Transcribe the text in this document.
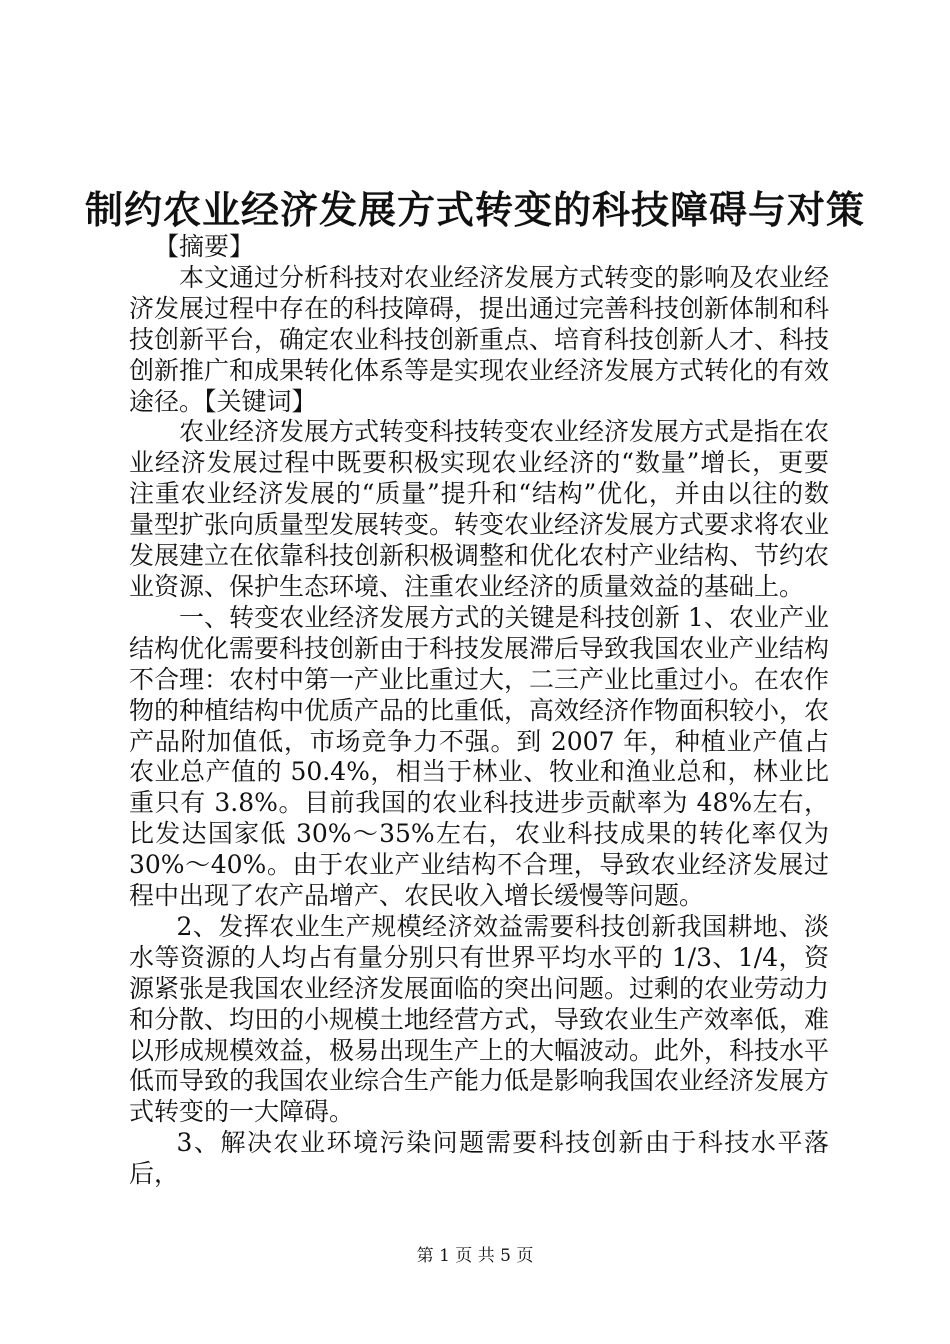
制约农业经济发展方式转变的科技障碍与对策

【摘要】

本文通过分析科技对农业经济发展方式转变的影响及农业经济发展过程中存在的科技障碍，提出通过完善科技创新体制和科技创新平台，确定农业科技创新重点、培育科技创新人才、科技创新推广和成果转化体系等是实现农业经济发展方式转化的有效途径。【关键词】

农业经济发展方式转变科技转变农业经济发展方式是指在农业经济发展过程中既要积极实现农业经济的“数量”增长，更要注重农业经济发展的“质量”提升和“结构”优化，并由以往的数量型扩张向质量型发展转变。转变农业经济发展方式要求将农业发展建立在依靠科技创新积极调整和优化农村产业结构、节约农业资源、保护生态环境、注重农业经济的质量效益的基础上。

一、转变农业经济发展方式的关键是科技创新 1、农业产业结构优化需要科技创新由于科技发展滞后导致我国农业产业结构不合理：农村中第一产业比重过大，二三产业比重过小。在农作物的种植结构中优质产品的比重低，高效经济作物面积较小，农产品附加值低，市场竞争力不强。到 2007 年，种植业产值占农业总产值的 50.4%，相当于林业、牧业和渔业总和，林业比重只有 3.8%。目前我国的农业科技进步贡献率为 48%左右，比发达国家低 30%～35%左右，农业科技成果的转化率仅为 30%～40%。由于农业产业结构不合理，导致农业经济发展过程中出现了农产品增产、农民收入增长缓慢等问题。

2、发挥农业生产规模经济效益需要科技创新我国耕地、淡水等资源的人均占有量分别只有世界平均水平的 1/3、1/4，资源紧张是我国农业经济发展面临的突出问题。过剩的农业劳动力和分散、均田的小规模土地经营方式，导致农业生产效率低，难以形成规模效益，极易出现生产上的大幅波动。此外，科技水平低而导致的我国农业综合生产能力低是影响我国农业经济发展方式转变的一大障碍。

3、解决农业环境污染问题需要科技创新由于科技水平落后，

第 1 页 共 5 页
